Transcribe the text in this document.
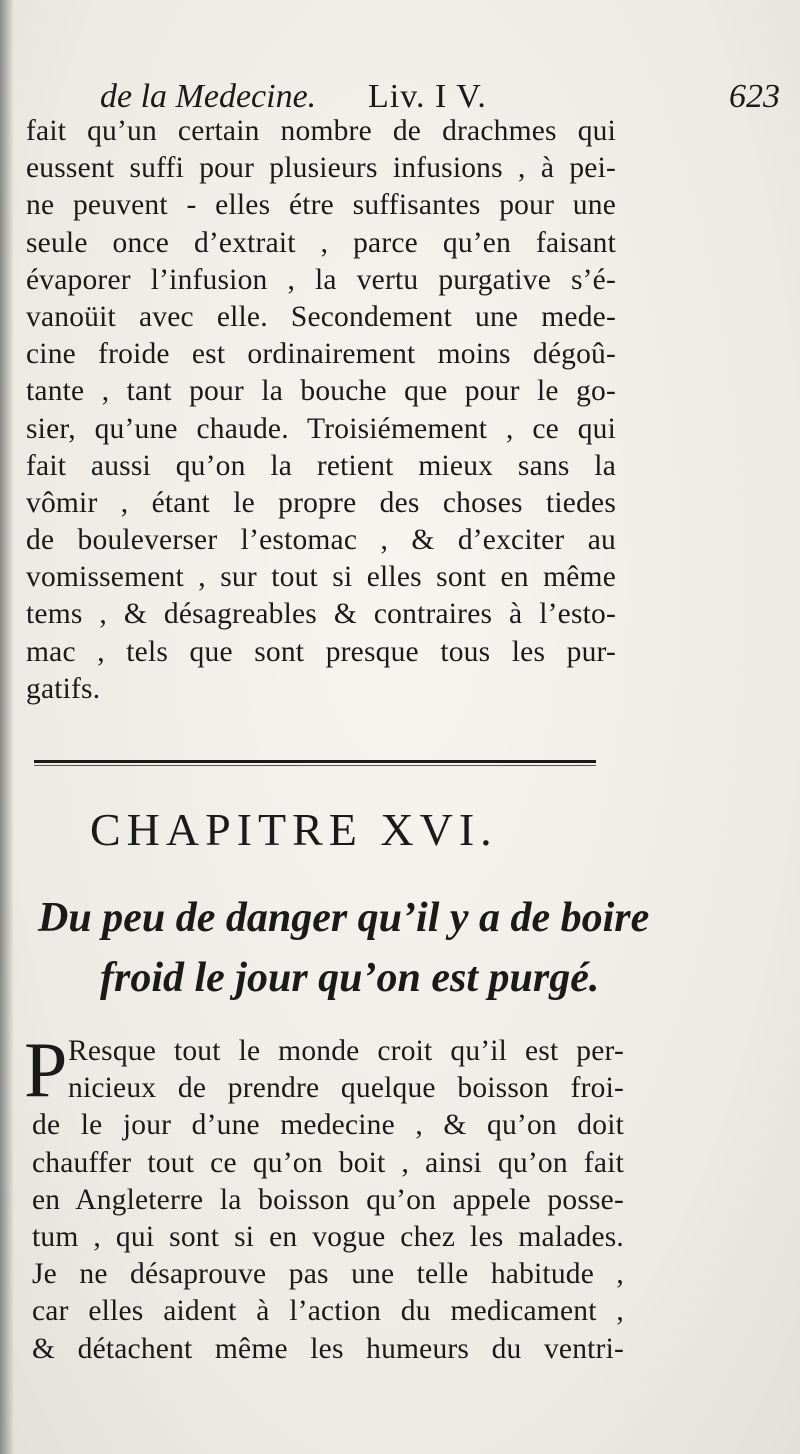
de la Medecine. Liv. I V.	623
fait qu’un certain nombre de drachmes qui
eussent suffi pour plusieurs infusions , à pei-
ne peuvent - elles étre suffisantes pour une
seule once d’extrait , parce qu’en faisant
évaporer l’infusion , la vertu purgative s’é-
vanoüit avec elle. Secondement une mede-
cine froide est ordinairement moins dégoû-
tante , tant pour la bouche que pour le go-
sier, qu’une chaude. Troisiémement , ce qui
fait aussi qu’on la retient mieux sans la
vômir , étant le propre des choses tiedes
de bouleverser l’estomac , & d’exciter au
vomissement , sur tout si elles sont en même
tems , & désagreables & contraires à l’esto-
mac , tels que sont presque tous les pur-
gatifs.
CHAPITRE XVI.
Du peu de danger qu’il y a de boire
froid le jour qu’on est purgé.
P Resque tout le monde croit qu’il est per-
nicieux de prendre quelque boisson froi-
de le jour d’une medecine , & qu’on doit
chauffer tout ce qu’on boit , ainsi qu’on fait
en Angleterre la boisson qu’on appele posse-
tum , qui sont si en vogue chez les malades.
Je ne désaprouve pas une telle habitude ,
car elles aident à l’action du medicament ,
& détachent même les humeurs du ventri-
